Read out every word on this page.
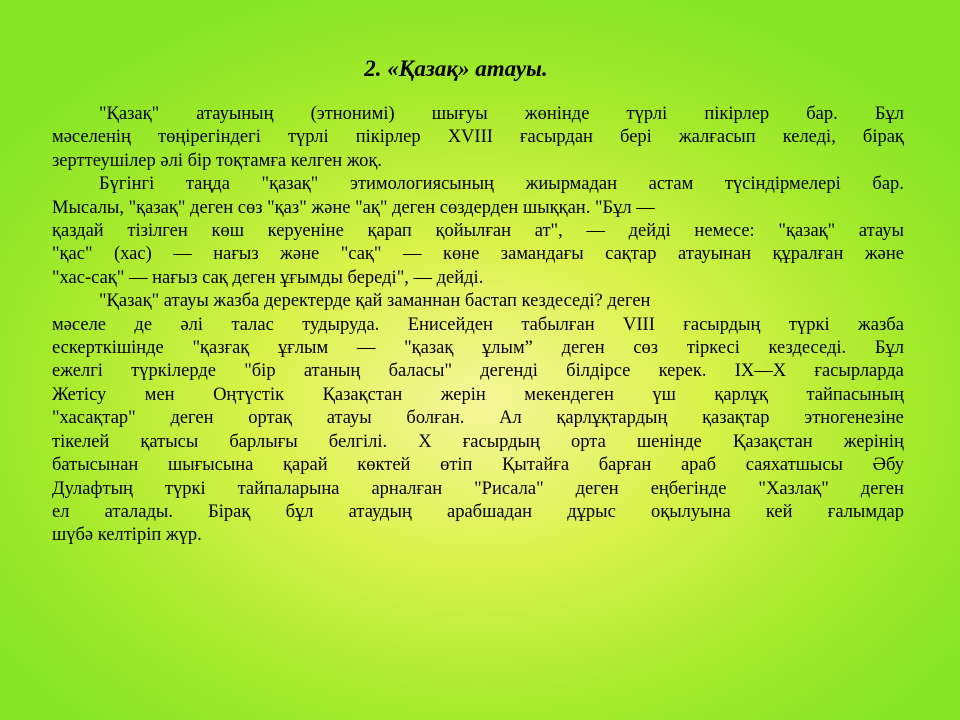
2. «Қазақ» атауы.
"Қазақ" атауының (этнонимі) шығуы жөнінде түрлі пікірлер бар. Бұл
мәселенің төңірегіндегі түрлі пікірлер XVIII ғасырдан бері жалғасып келеді, бірақ
зерттеушілер әлі бір тоқтамға келген жоқ.
Бүгінгі таңда "қазақ" этимологиясының жиырмадан астам түсіндірмелері бар.
Мысалы, "қазақ" деген сөз "қаз" және "ақ" деген сөздерден шыққан. "Бұл —
қаздай тізілген көш керуеніне қарап қойылған ат", — дейді немесе: "қазақ" атауы
"қас" (хас) — нағыз және "сақ" — көне замандағы сақтар атауынан құралған және
"хас-сақ" — нағыз сақ деген ұғымды береді", — дейді.
"Қазақ" атауы жазба деректерде қай заманнан бастап кездеседі? деген
мәселе де әлі талас тудыруда. Енисейден табылған VIII ғасырдың түркі жазба
ескерткішінде "қазғақ ұғлым — "қазақ ұлым” деген сөз тіркесі кездеседі. Бұл
ежелгі түркілерде "бір атаның баласы" дегенді білдірсе керек. IX—Х ғасырларда
Жетісу мен Оңтүстік Қазақстан жерін мекендеген үш қарлұқ тайпасының
"хасақтар" деген ортақ атауы болған. Ал қарлұқтардың қазақтар этногенезіне
тікелей қатысы барлығы белгілі. X ғасырдың орта шенінде Қазақстан жерінің
батысынан шығысына қарай көктей өтіп Қытайға барған араб саяхатшысы Әбу
Дулафтың түркі тайпаларына арналған "Рисала" деген еңбегінде "Хазлақ" деген
ел аталады. Бірақ бұл атаудың арабшадан дұрыс оқылуына кей ғалымдар
шүбә келтіріп жүр.
